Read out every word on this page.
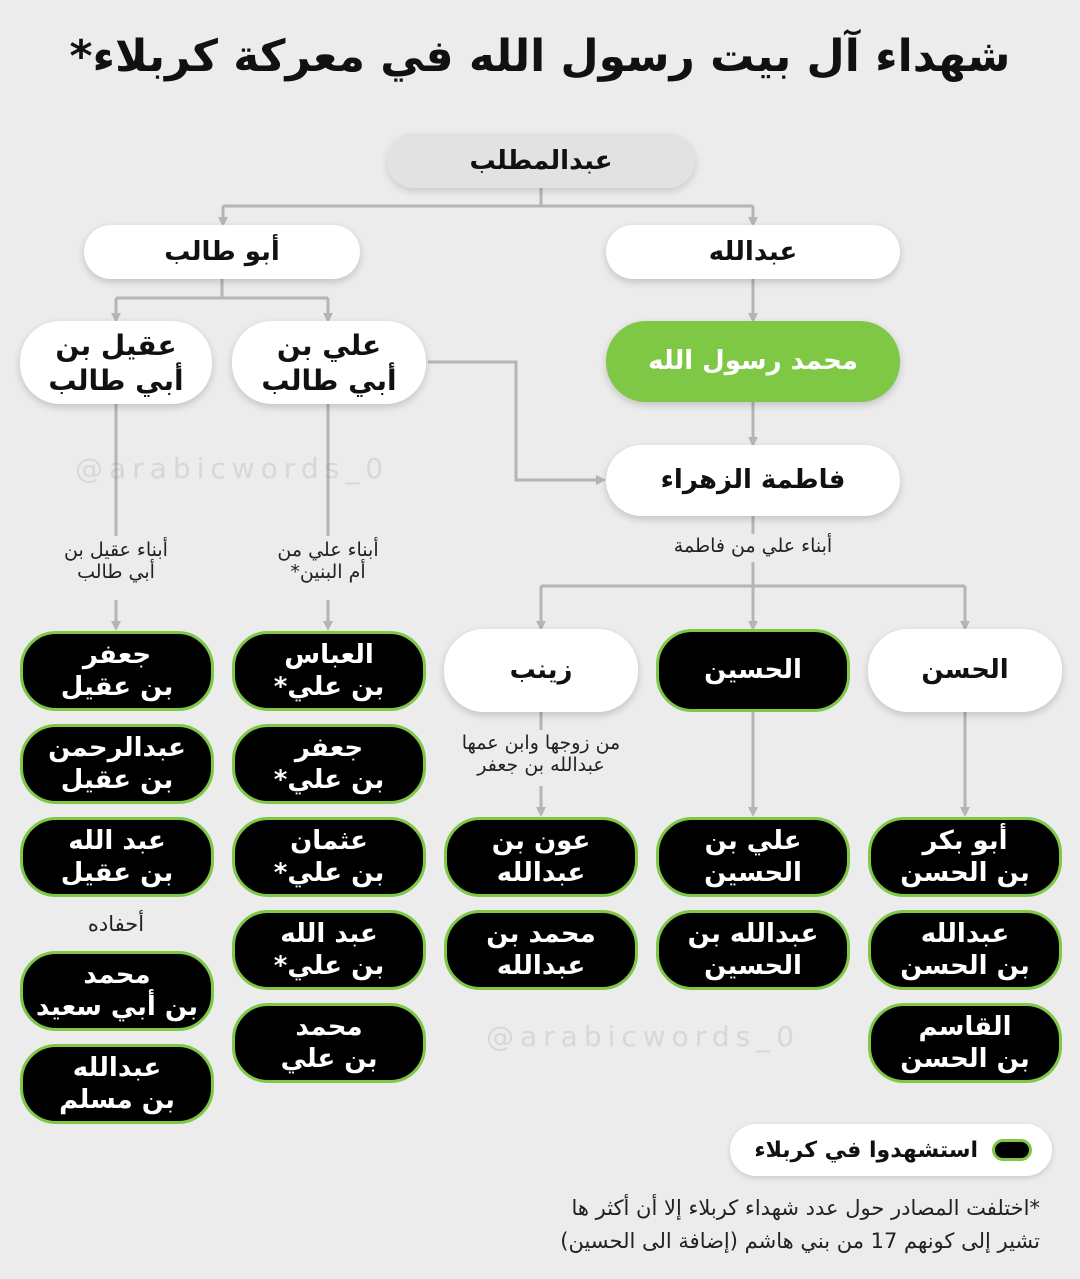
@arabicwords_0
@arabicwords_0
شهداء آل بيت رسول الله في معركة كربلاء*
عبدالمطلب
أبو طالب	عبدالله
عقيل بن
أبي طالب
علي بن
أبي طالب
محمد رسول الله
فاطمة الزهراء
أبناء عقيل بن
أبي طالب
أبناء علي من
أم البنين*
أبناء علي من فاطمة
من زوجها وابن عمها
عبدالله بن جعفر
أحفاده
زينب	الحسين	الحسن
جعفر
بن عقيل
عبدالرحمن
بن عقيل
عبد الله
بن عقيل
محمد
بن أبي سعيد
عبدالله
بن مسلم
العباس
بن علي*
جعفر
بن علي*
عثمان
بن علي*
عبد الله
بن علي*
محمد
بن علي
عون بن
عبدالله
محمد بن
عبدالله
علي بن
الحسين
عبدالله بن
الحسين
أبو بكر
بن الحسن
عبدالله
بن الحسن
القاسم
بن الحسن
استشهدوا في كربلاء
*اختلفت المصادر حول عدد شهداء كربلاء إلا أن أكثر ها
تشير إلى كونهم 17 من بني هاشم (إضافة الى الحسين)
